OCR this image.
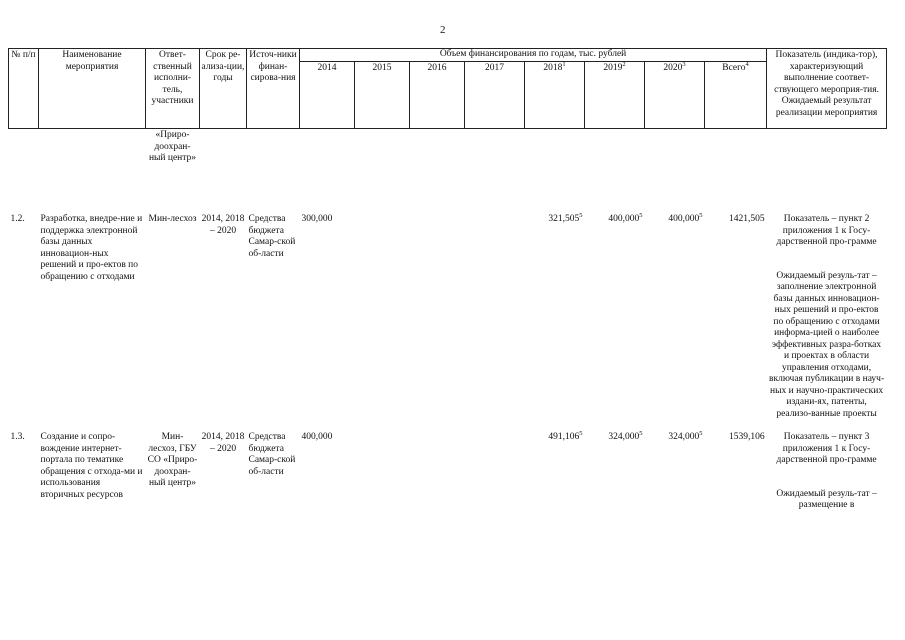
2
№ п/п	Наименование мероприятия	Ответ-ственный исполни-тель, участники	Срок ре-ализа-ции, годы	Источ-ники финан-сирова-ния	Объем финансирования по годам, тыс. рублей								Показатель (индика-тор), характеризующий выполнение соответ-ствующего мероприя-тия. Ожидаемый результат реализации мероприятия
					2014	2015	2016	2017	2018$^1$	2019$^2$	2020$^3$	Всего$^4$
		«Приро-доохран-ный центр»											

1.2.	Разработка, внедре-ние и поддержка электронной базы данных инновацион-ных решений и про-ектов по обращению с отходами	Мин-лесхоз	2014, 2018 – 2020	Средства бюджета Самар-ской об-ласти	300,000				321,505$^5$	400,000$^5$	400,000$^5$	1421,505	Показатель – пункт 2 приложения 1 к Госу-дарственной про-грамме
Ожидаемый резуль-тат – заполнение электронной базы данных инновацион-ных решений и про-ектов по обращению с отходами информа-цией о наиболее эффективных разра-ботках и проектах в области управления отходами, включая публикации в науч-ных и научно-практических издани-ях, патенты, реализо-ванные проекты

1.3.	Создание и сопро-вождение интернет-портала по тематике обращения с отхода-ми и использования вторичных ресурсов	Мин-лесхоз, ГБУ СО «Приро-доохран-ный центр»	2014, 2018 – 2020	Средства бюджета Самар-ской об-ласти	400,000				491,106$^5$	324,000$^5$	324,000$^5$	1539,106	Показатель – пункт 3 приложения 1 к Госу-дарственной про-грамме
Ожидаемый резуль-тат – размещение в
